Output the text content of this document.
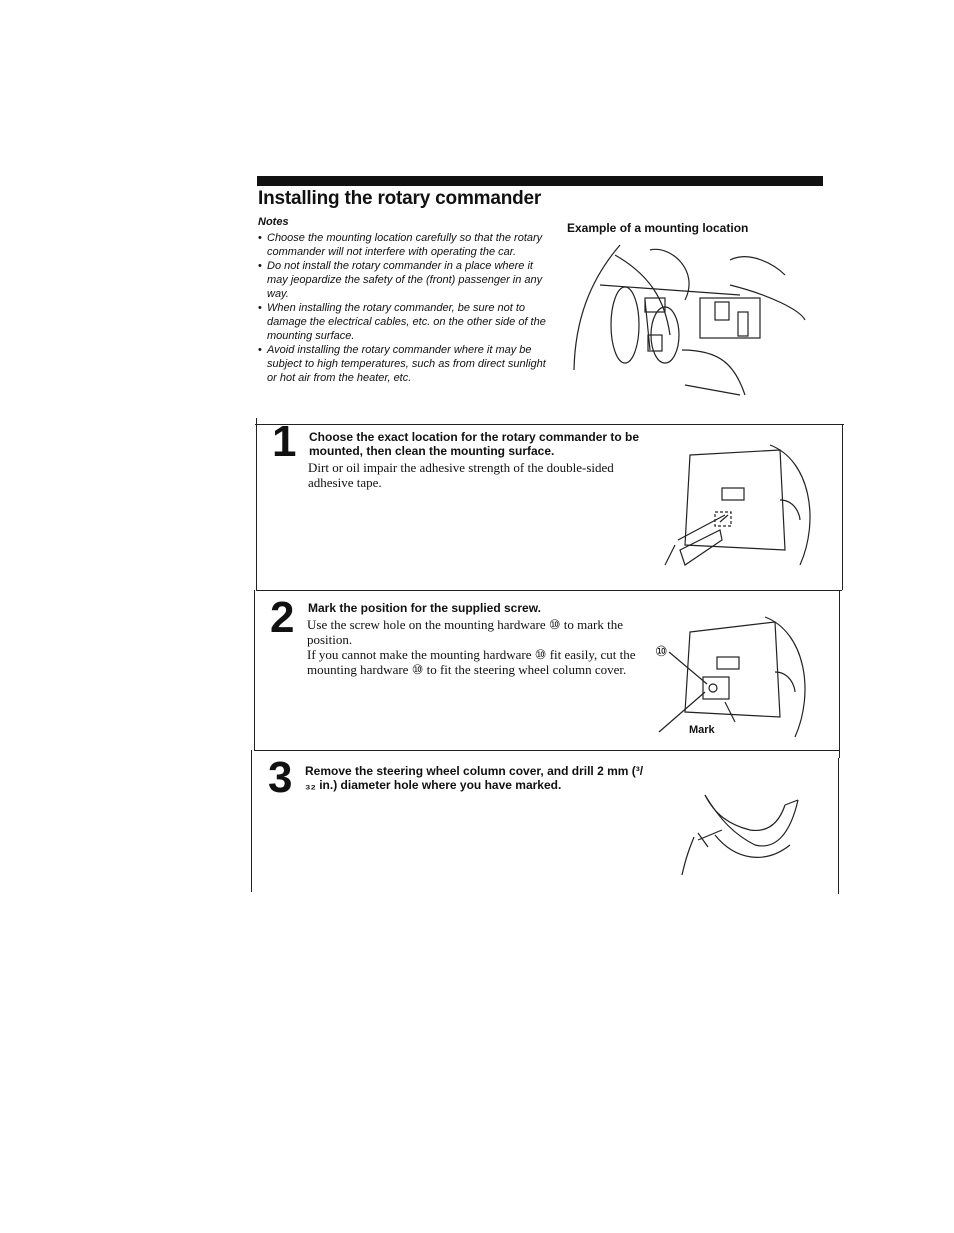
Installing the rotary commander
Notes

• Choose the mounting location carefully so that the rotary commander will not interfere with operating the car.

• Do not install the rotary commander in a place where it may jeopardize the safety of the (front) passenger in any way.

• When installing the rotary commander, be sure not to damage the electrical cables, etc. on the other side of the mounting surface.

• Avoid installing the rotary commander where it may be subject to high temperatures, such as from direct sunlight or hot air from the heater, etc.

Example of a mounting location
1 Choose the exact location for the rotary commander to be mounted, then clean the mounting surface.

Dirt or oil impair the adhesive strength of the double-sided adhesive tape.

2 Mark the position for the supplied screw.

Use the screw hole on the mounting hardware ⑩ to mark the position.

If you cannot make the mounting hardware ⑩ fit easily, cut the mounting hardware ⑩ to fit the steering wheel column cover.

⑩
Mark
3 Remove the steering wheel column cover, and drill 2 mm (³/₃₂ in.) diameter hole where you have marked.
